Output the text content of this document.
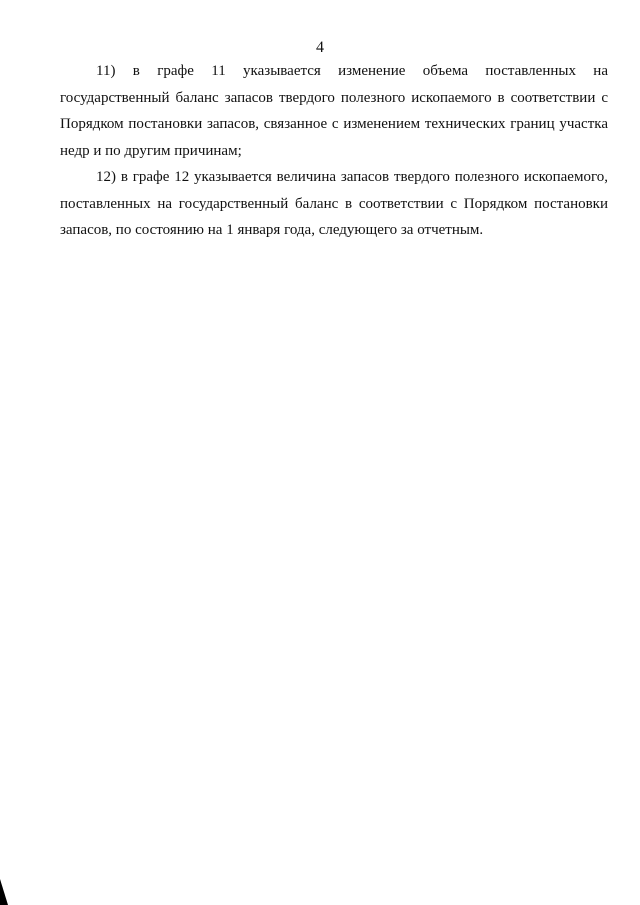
4

11) в графе 11 указывается изменение объема поставленных на государственный баланс запасов твердого полезного ископаемого в соответствии с Порядком постановки запасов, связанное с изменением технических границ участка недр и по другим причинам;

12) в графе 12 указывается величина запасов твердого полезного ископаемого, поставленных на государственный баланс в соответствии с Порядком постановки запасов, по состоянию на 1 января года, следующего за отчетным.
